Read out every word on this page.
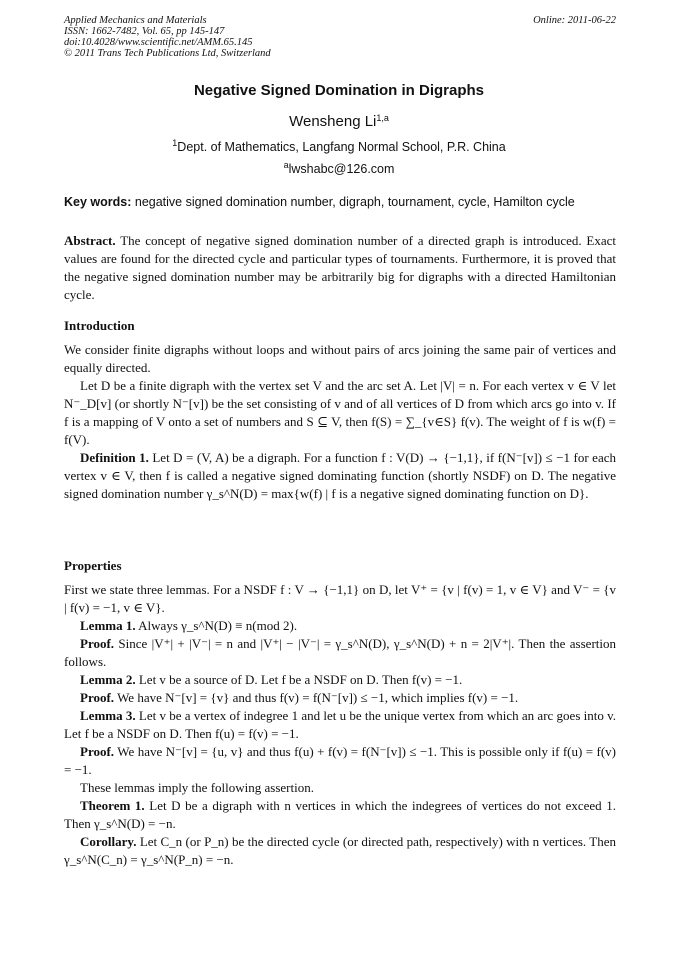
Applied Mechanics and Materials
ISSN: 1662-7482, Vol. 65, pp 145-147
doi:10.4028/www.scientific.net/AMM.65.145
© 2011 Trans Tech Publications Ltd, Switzerland
Online: 2011-06-22
Negative Signed Domination in Digraphs
Wensheng Li$^{1,a}$
$^1$Dept. of Mathematics, Langfang Normal School, P.R. China
$^a$lwshabc@126.com
Key words: negative signed domination number, digraph, tournament, cycle, Hamilton cycle

Abstract. The concept of negative signed domination number of a directed graph is introduced. Exact values are found for the directed cycle and particular types of tournaments. Furthermore, it is proved that the negative signed domination number may be arbitrarily big for digraphs with a directed Hamiltonian cycle.

Introduction

We consider finite digraphs without loops and without pairs of arcs joining the same pair of vertices and equally directed.

Let D be a finite digraph with the vertex set V and the arc set A. Let |V| = n. For each vertex v ∈ V let N⁻_D[v] (or shortly N⁻[v]) be the set consisting of v and of all vertices of D from which arcs go into v. If f is a mapping of V onto a set of numbers and S ⊆ V, then f(S) = ∑_{v∈S} f(v). The weight of f is w(f) = f(V).

Definition 1. Let D = (V, A) be a digraph. For a function f : V(D) → {−1,1}, if f(N⁻[v]) ≤ −1 for each vertex v ∈ V, then f is called a negative signed dominating function (shortly NSDF) on D. The negative signed domination number γ_s^N(D) = max{w(f) | f is a negative signed dominating function on D}.

Properties

First we state three lemmas. For a NSDF f : V → {−1,1} on D, let V⁺ = {v | f(v) = 1, v ∈ V} and V⁻ = {v | f(v) = −1, v ∈ V}.

Lemma 1. Always γ_s^N(D) ≡ n(mod 2).

Proof. Since |V⁺| + |V⁻| = n and |V⁺| − |V⁻| = γ_s^N(D), γ_s^N(D) + n = 2|V⁺|. Then the assertion follows.

Lemma 2. Let v be a source of D. Let f be a NSDF on D. Then f(v) = −1.

Proof. We have N⁻[v] = {v} and thus f(v) = f(N⁻[v]) ≤ −1, which implies f(v) = −1.

Lemma 3. Let v be a vertex of indegree 1 and let u be the unique vertex from which an arc goes into v. Let f be a NSDF on D. Then f(u) = f(v) = −1.

Proof. We have N⁻[v] = {u, v} and thus f(u) + f(v) = f(N⁻[v]) ≤ −1. This is possible only if f(u) = f(v) = −1.

These lemmas imply the following assertion.

Theorem 1. Let D be a digraph with n vertices in which the indegrees of vertices do not exceed 1. Then γ_s^N(D) = −n.

Corollary. Let C_n (or P_n) be the directed cycle (or directed path, respectively) with n vertices. Then γ_s^N(C_n) = γ_s^N(P_n) = −n.
